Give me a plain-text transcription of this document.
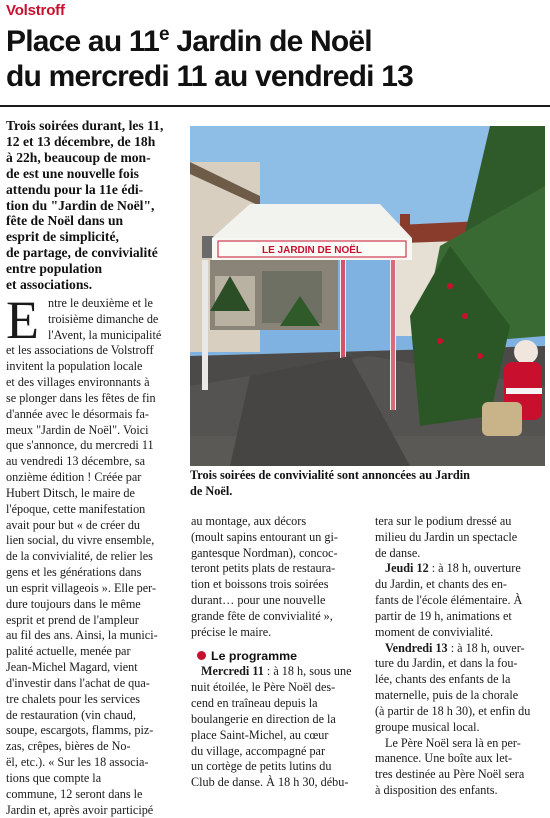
Volstroff
Place au 11e Jardin de Noël
du mercredi 11 au vendredi 13
Trois soirées durant, les 11,
12 et 13 décembre, de 18h
à 22h, beaucoup de mon-
de est une nouvelle fois
attendu pour la 11e édi-
tion du "Jardin de Noël",
fête de Noël dans un
esprit de simplicité,
de partage, de convivialité
entre population
et associations.
LE JARDIN DE NOËL
Trois soirées de convivialité sont annoncées au Jardin
de Noël.
E ntre le deuxième et le
troisième dimanche de
l'Avent, la municipalité
et les associations de Volstroff
invitent la population locale
et des villages environnants à
se plonger dans les fêtes de fin
d'année avec le désormais fa-
meux "Jardin de Noël". Voici
que s'annonce, du mercredi 11
au vendredi 13 décembre, sa
onzième édition ! Créée par
Hubert Ditsch, le maire de
l'époque, cette manifestation
avait pour but « de créer du
lien social, du vivre ensemble,
de la convivialité, de relier les
gens et les générations dans
un esprit villageois ». Elle per-
dure toujours dans le même
esprit et prend de l'ampleur
au fil des ans. Ainsi, la munici-
palité actuelle, menée par
Jean-Michel Magard, vient
d'investir dans l'achat de qua-
tre chalets pour les services
de restauration (vin chaud,
soupe, escargots, flamms, piz-
zas, crêpes, bières de No-
ël, etc.). « Sur les 18 associa-
tions que compte la
commune, 12 seront dans le
Jardin et, après avoir participé
au montage, aux décors
(moult sapins entourant un gi-
gantesque Nordman), concoc-
teront petits plats de restaura-
tion et boissons trois soirées
durant… pour une nouvelle
grande fête de convivialité »,
précise le maire.
Le programme
Mercredi 11 : à 18 h, sous une
nuit étoilée, le Père Noël des-
cend en traîneau depuis la
boulangerie en direction de la
place Saint-Michel, au cœur
du village, accompagné par
un cortège de petits lutins du
Club de danse. À 18 h 30, débu-
tera sur le podium dressé au
milieu du Jardin un spectacle
de danse.
Jeudi 12 : à 18 h, ouverture
du Jardin, et chants des en-
fants de l'école élémentaire. À
partir de 19 h, animations et
moment de convivialité.
Vendredi 13 : à 18 h, ouver-
ture du Jardin, et dans la fou-
lée, chants des enfants de la
maternelle, puis de la chorale
(à partir de 18 h 30), et enfin du
groupe musical local.
Le Père Noël sera là en per-
manence. Une boîte aux let-
tres destinée au Père Noël sera
à disposition des enfants.
